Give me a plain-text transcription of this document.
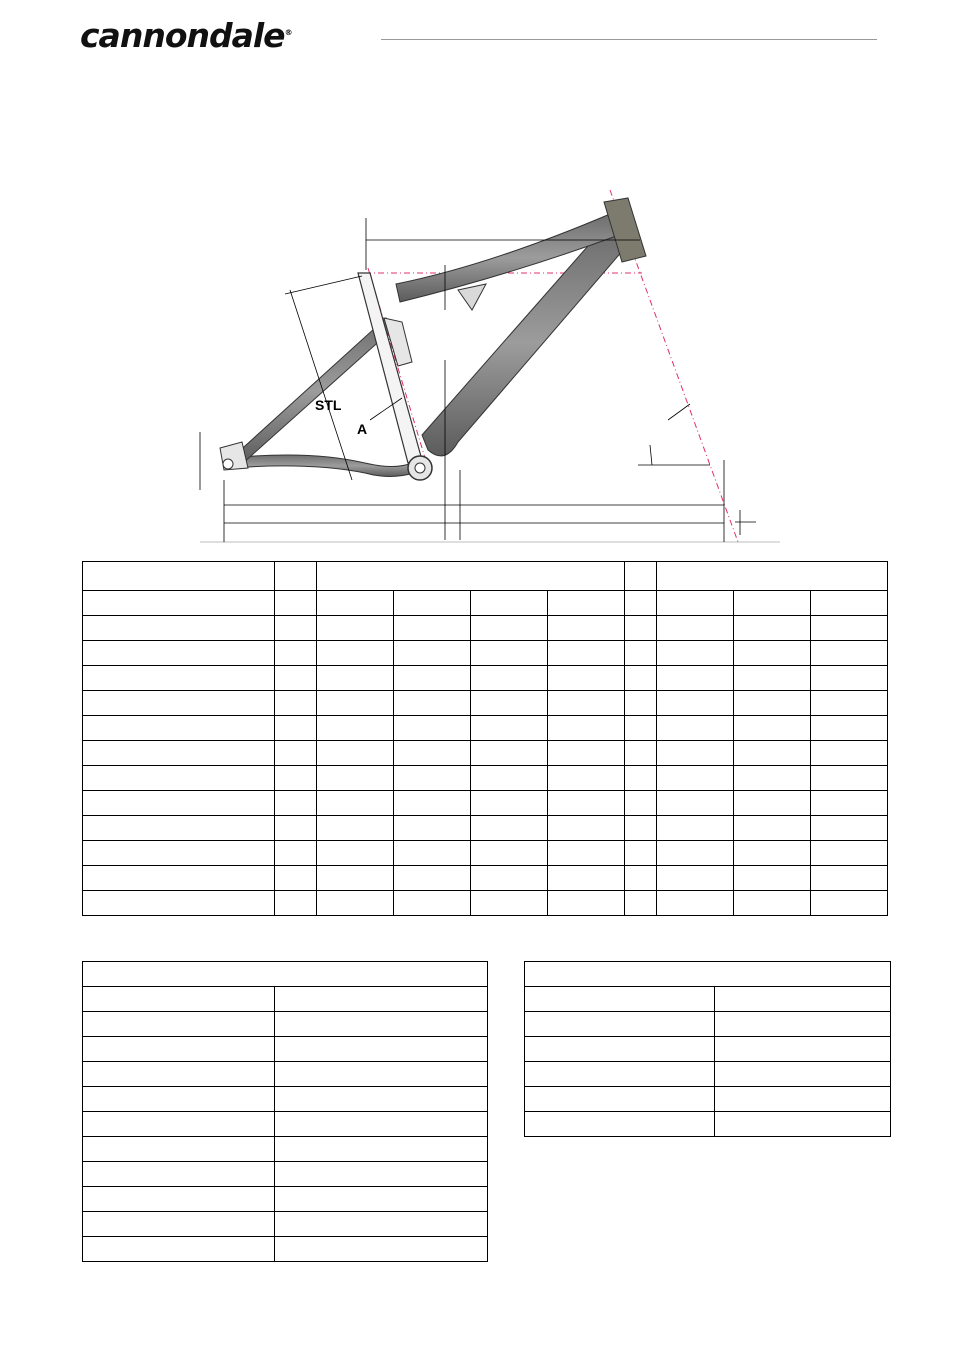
cannondale®
STL
A
